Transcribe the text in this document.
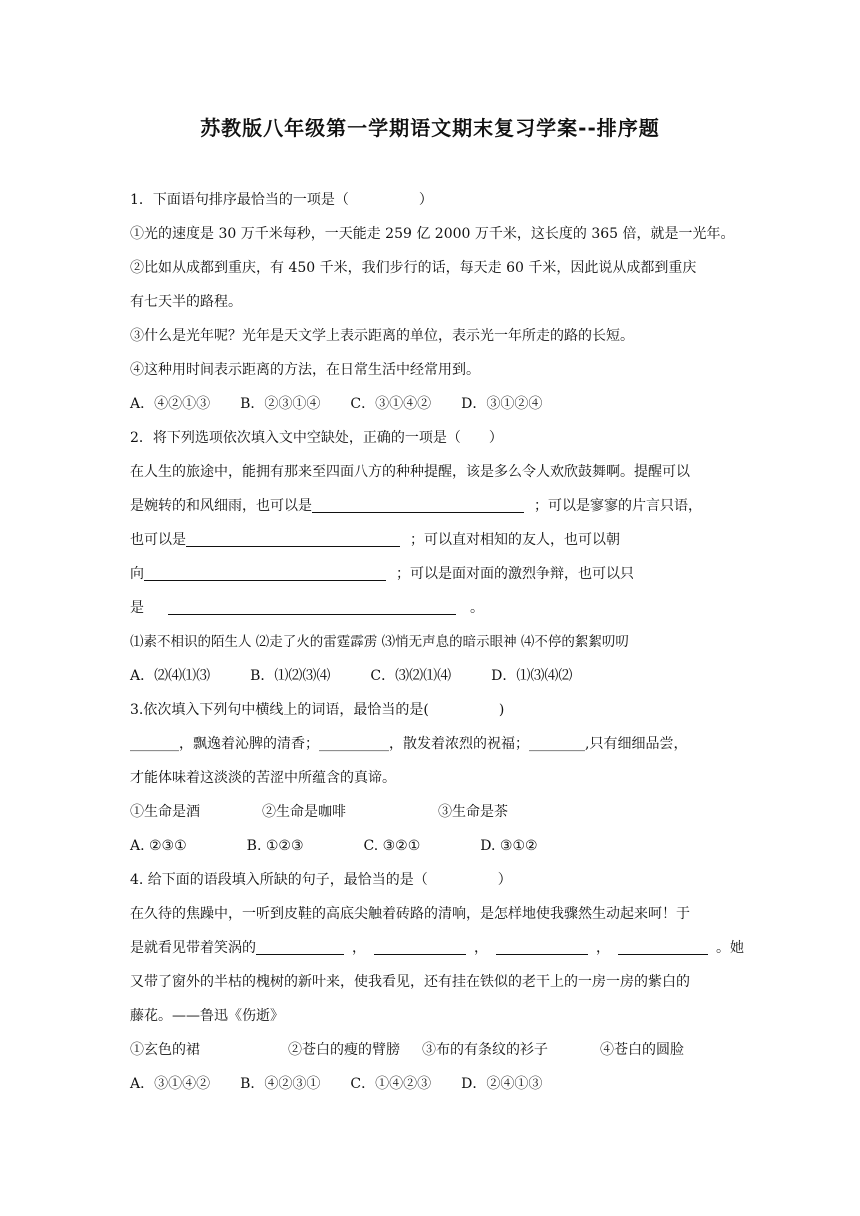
苏教版八年级第一学期语文期末复习学案--排序题
1．下面语句排序最恰当的一项是（　　　　　）
①光的速度是 30 万千米每秒，一天能走 259 亿 2000 万千米，这长度的 365 倍，就是一光年。
②比如从成都到重庆，有 450 千米，我们步行的话，每天走 60 千米，因此说从成都到重庆
有七天半的路程。
③什么是光年呢？光年是天文学上表示距离的单位，表示光一年所走的路的长短。
④这种用时间表示距离的方法，在日常生活中经常用到。
A．④②①③ B．②③①④ C．③①④② D．③①②④
2．将下列选项依次填入文中空缺处，正确的一项是（　　）
在人生的旅途中，能拥有那来至四面八方的种种提醒，该是多么令人欢欣鼓舞啊。提醒可以
是婉转的和风细雨，也可以是	；可以是寥寥的片言只语，
也可以是	；可以直对相知的友人，也可以朝
向	；可以是面对面的激烈争辩，也可以只
是	。
⑴素不相识的陌生人 ⑵走了火的雷霆霹雳 ⑶悄无声息的暗示眼神 ⑷不停的絮絮叨叨
A．⑵⑷⑴⑶	B．⑴⑵⑶⑷	C．⑶⑵⑴⑷	D．⑴⑶⑷⑵
3.依次填入下列句中横线上的词语，最恰当的是(　　　　　)
_______，飘逸着沁脾的清香；__________，散发着浓烈的祝福；________,只有细细品尝，
才能体味着这淡淡的苦涩中所蕴含的真谛。
①生命是酒	②生命是咖啡	③生命是茶
A. ②③①	B. ①②③	C. ③②①	D. ③①②
4. 给下面的语段填入所缺的句子，最恰当的是（　　　　　）
在久待的焦躁中，一听到皮鞋的高底尖触着砖路的清响，是怎样地使我骤然生动起来呵！于
是就看见带着笑涡的	，	，	，	。她
又带了窗外的半枯的槐树的新叶来，使我看见，还有挂在铁似的老干上的一房一房的紫白的
藤花。——鲁迅《伤逝》
①玄色的裙	②苍白的瘦的臂膀 ③布的有条纹的衫子	④苍白的圆脸
A．③①④② B．④②③① C．①④②③ D．②④①③
